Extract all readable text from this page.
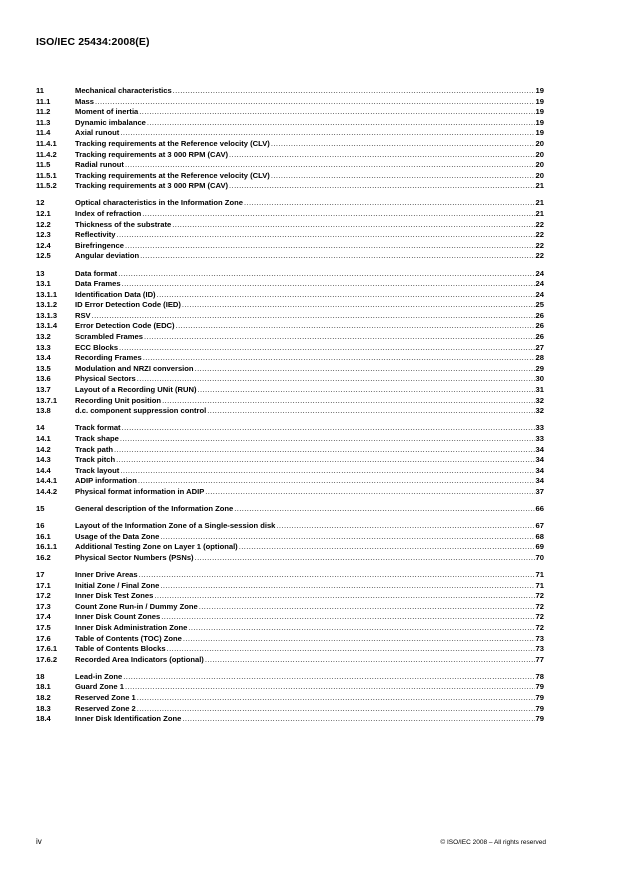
ISO/IEC 25434:2008(E)
11	Mechanical characteristics .....	19
11.1	Mass .....	19
11.2	Moment of inertia .....	19
11.3	Dynamic imbalance .....	19
11.4	Axial runout .....	19
11.4.1	Tracking requirements at the Reference velocity (CLV) .....	20
11.4.2	Tracking requirements at 3 000 RPM (CAV) .....	20
11.5	Radial runout .....	20
11.5.1	Tracking requirements at the Reference velocity (CLV) .....	20
11.5.2	Tracking requirements at 3 000 RPM (CAV) .....	21
12	Optical characteristics in the Information Zone .....	21
12.1	Index of refraction .....	21
12.2	Thickness of the substrate .....	22
12.3	Reflectivity .....	22
12.4	Birefringence .....	22
12.5	Angular deviation .....	22
13	Data format .....	24
13.1	Data Frames .....	24
13.1.1	Identification Data (ID) .....	24
13.1.2	ID Error Detection Code (IED) .....	25
13.1.3	RSV .....	26
13.1.4	Error Detection Code (EDC) .....	26
13.2	Scrambled Frames .....	26
13.3	ECC Blocks .....	27
13.4	Recording Frames .....	28
13.5	Modulation and NRZI conversion .....	29
13.6	Physical Sectors .....	30
13.7	Layout of a Recording UNit (RUN) .....	31
13.7.1	Recording Unit position .....	32
13.8	d.c. component suppression control .....	32
14	Track format .....	33
14.1	Track shape .....	33
14.2	Track path .....	34
14.3	Track pitch .....	34
14.4	Track layout .....	34
14.4.1	ADIP information .....	34
14.4.2	Physical format information in ADIP .....	37
15	General description of the Information Zone .....	66
16	Layout of the Information Zone of a Single-session disk .....	67
16.1	Usage of the Data Zone .....	68
16.1.1	Additional Testing Zone on Layer 1 (optional) .....	69
16.2	Physical Sector Numbers (PSNs) .....	70
17	Inner Drive Areas .....	71
17.1	Initial Zone / Final Zone .....	71
17.2	Inner Disk Test Zones .....	72
17.3	Count Zone Run-in / Dummy Zone .....	72
17.4	Inner Disk Count Zones .....	72
17.5	Inner Disk Administration Zone .....	72
17.6	Table of Contents (TOC) Zone .....	73
17.6.1	Table of Contents Blocks .....	73
17.6.2	Recorded Area Indicators (optional) .....	77
18	Lead-in Zone .....	78
18.1	Guard Zone 1 .....	79
18.2	Reserved Zone 1 .....	79
18.3	Reserved Zone 2 .....	79
18.4	Inner Disk Identification Zone .....	79
iv	© ISO/IEC 2008 – All rights reserved
